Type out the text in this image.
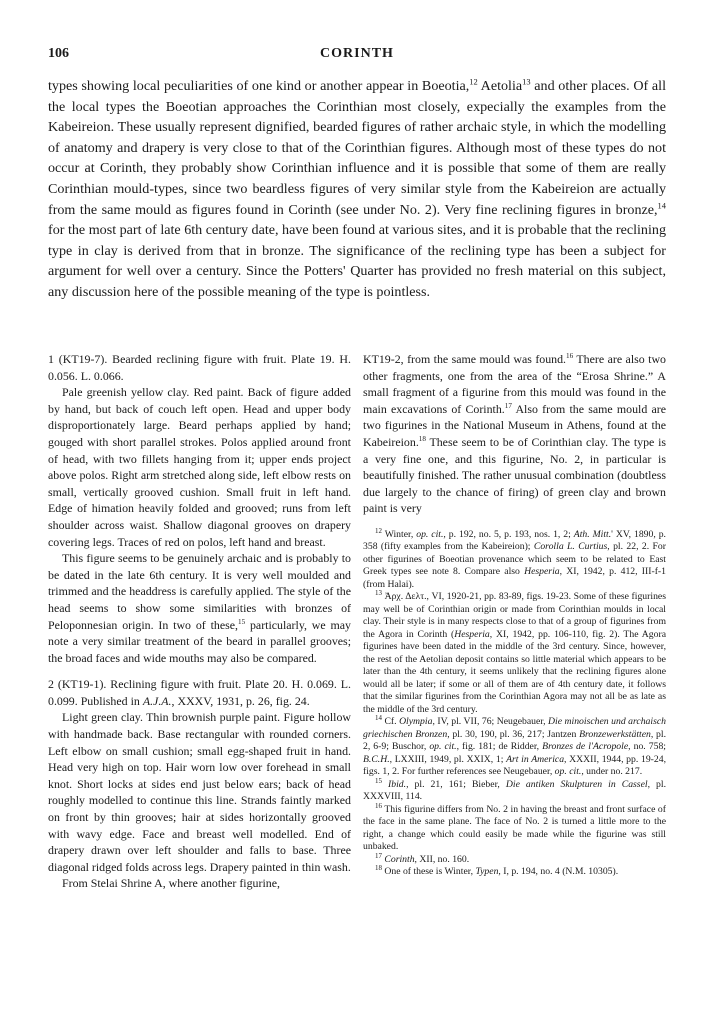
106	CORINTH

types showing local peculiarities of one kind or another appear in Boeotia,$^{12}$ Aetolia$^{13}$ and other places. Of all the local types the Boeotian approaches the Corinthian most closely, expecially the examples from the Kabeireion. These usually represent dignified, bearded figures of rather archaic style, in which the modelling of anatomy and drapery is very close to that of the Corinthian figures. Although most of these types do not occur at Corinth, they probably show Corinthian influence and it is possible that some of them are really Corinthian mould-types, since two beardless figures of very similar style from the Kabeireion are actually from the same mould as figures found in Corinth (see under No. 2). Very fine reclining figures in bronze,$^{14}$ for the most part of late 6th century date, have been found at various sites, and it is probable that the reclining type in clay is derived from that in bronze. The significance of the reclining type has been a subject for argument for well over a century. Since the Potters' Quarter has provided no fresh material on this subject, any discussion here of the possible meaning of the type is pointless.

1 (KT19-7). Bearded reclining figure with fruit. Plate 19. H. 0.056. L. 0.066.

Pale greenish yellow clay. Red paint. Back of figure added by hand, but back of couch left open. Head and upper body disproportionately large. Beard perhaps applied by hand; gouged with short parallel strokes. Polos applied around front of head, with two fillets hanging from it; upper ends project above polos. Right arm stretched along side, left elbow rests on small, vertically grooved cushion. Small fruit in left hand. Edge of himation heavily folded and grooved; runs from left shoulder across waist. Shallow diagonal grooves on drapery covering legs. Traces of red on polos, left hand and breast.

This figure seems to be genuinely archaic and is probably to be dated in the late 6th century. It is very well moulded and trimmed and the headdress is carefully applied. The style of the head seems to show some similarities with bronzes of Peloponnesian origin. In two of these,$^{15}$ particularly, we may note a very similar treatment of the beard in parallel grooves; the broad faces and wide mouths may also be compared.

2 (KT19-1). Reclining figure with fruit. Plate 20. H. 0.069. L. 0.099. Published in A.J.A., XXXV, 1931, p. 26, fig. 24.

Light green clay. Thin brownish purple paint. Figure hollow with handmade back. Base rectangular with rounded corners. Left elbow on small cushion; small egg-shaped fruit in hand. Head very high on top. Hair worn low over forehead in small knot. Short locks at sides end just below ears; back of head roughly modelled to continue this line. Strands faintly marked on front by thin grooves; hair at sides horizontally grooved with wavy edge. Face and breast well modelled. End of drapery drawn over left shoulder and falls to base. Three diagonal ridged folds across legs. Drapery painted in thin wash.

From Stelai Shrine A, where another figurine,

KT19-2, from the same mould was found.$^{16}$ There are also two other fragments, one from the area of the “Erosa Shrine.” A small fragment of a figurine from this mould was found in the main excavations of Corinth.$^{17}$ Also from the same mould are two figurines in the National Museum in Athens, found at the Kabeireion.$^{18}$ These seem to be of Corinthian clay. The type is a very fine one, and this figurine, No. 2, in particular is beautifully finished. The rather unusual combination (doubtless due largely to the chance of firing) of green clay and brown paint is very

$^{12}$ Winter, op. cit., p. 192, no. 5, p. 193, nos. 1, 2; Ath. Mitt.' XV, 1890, p. 358 (fifty examples from the Kabeireion); Corolla L. Curtius, pl. 22, 2. For other figurines of Boeotian provenance which seem to be related to East Greek types see note 8. Compare also Hesperia, XI, 1942, p. 412, III-f-1 (from Halai).

$^{13}$ Ἀρχ. Δελτ., VI, 1920-21, pp. 83-89, figs. 19-23. Some of these figurines may well be of Corinthian origin or made from Corinthian moulds in local clay. Their style is in many respects close to that of a group of figurines from the Agora in Corinth (Hesperia, XI, 1942, pp. 106-110, fig. 2). The Agora figurines have been dated in the middle of the 3rd century. Since, however, the rest of the Aetolian deposit contains so little material which appears to be later than the 4th century, it seems unlikely that the reclining figures alone would all be later; if some or all of them are of 4th century date, it follows that the similar figurines from the Corinthian Agora may not all be as late as the middle of the 3rd century.

$^{14}$ Cf. Olympia, IV, pl. VII, 76; Neugebauer, Die minoischen und archaisch griechischen Bronzen, pl. 30, 190, pl. 36, 217; Jantzen Bronzewerkstätten, pl. 2, 6-9; Buschor, op. cit., fig. 181; de Ridder, Bronzes de l'Acropole, no. 758; B.C.H., LXXIII, 1949, pl. XXIX, 1; Art in America, XXXII, 1944, pp. 19-24, figs. 1, 2. For further references see Neugebauer, op. cit., under no. 217.

$^{15}$ Ibid., pl. 21, 161; Bieber, Die antiken Skulpturen in Cassel, pl. XXXVIII, 114.

$^{16}$ This figurine differs from No. 2 in having the breast and front surface of the face in the same plane. The face of No. 2 is turned a little more to the right, a change which could easily be made while the figurine was still unbaked.

$^{17}$ Corinth, XII, no. 160.

$^{18}$ One of these is Winter, Typen, I, p. 194, no. 4 (N.M. 10305).
